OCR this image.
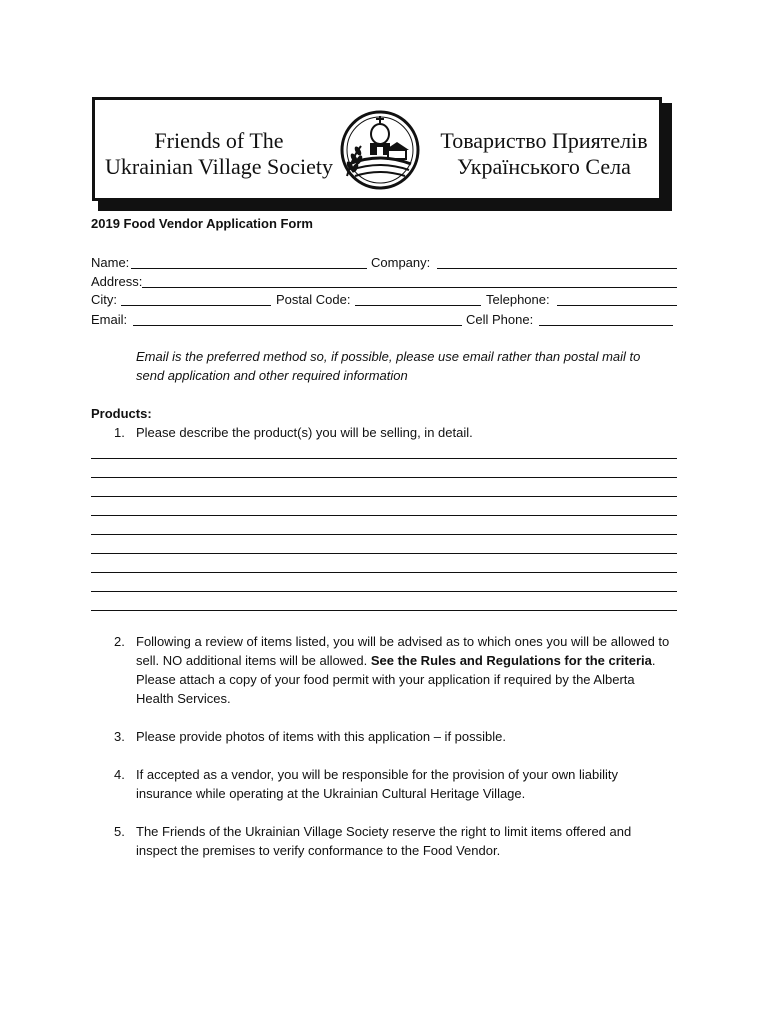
Friends of The
Ukrainian Village Society
Товариство Приятелів
Українського Села
2019 Food Vendor Application Form
Name:	Company:
Address:
City:	Postal Code:	Telephone:
Email:	Cell Phone:
Email is the preferred method so, if possible, please use email rather than postal mail to
send application and other required information
Products:
1. Please describe the product(s) you will be selling, in detail.
2. Following a review of items listed, you will be advised as to which ones you will be allowed to sell. NO additional items will be allowed. See the Rules and Regulations for the criteria. Please attach a copy of your food permit with your application if required by the Alberta Health Services.
3. Please provide photos of items with this application – if possible.
4. If accepted as a vendor, you will be responsible for the provision of your own liability insurance while operating at the Ukrainian Cultural Heritage Village.
5. The Friends of the Ukrainian Village Society reserve the right to limit items offered and inspect the premises to verify conformance to the Food Vendor.
